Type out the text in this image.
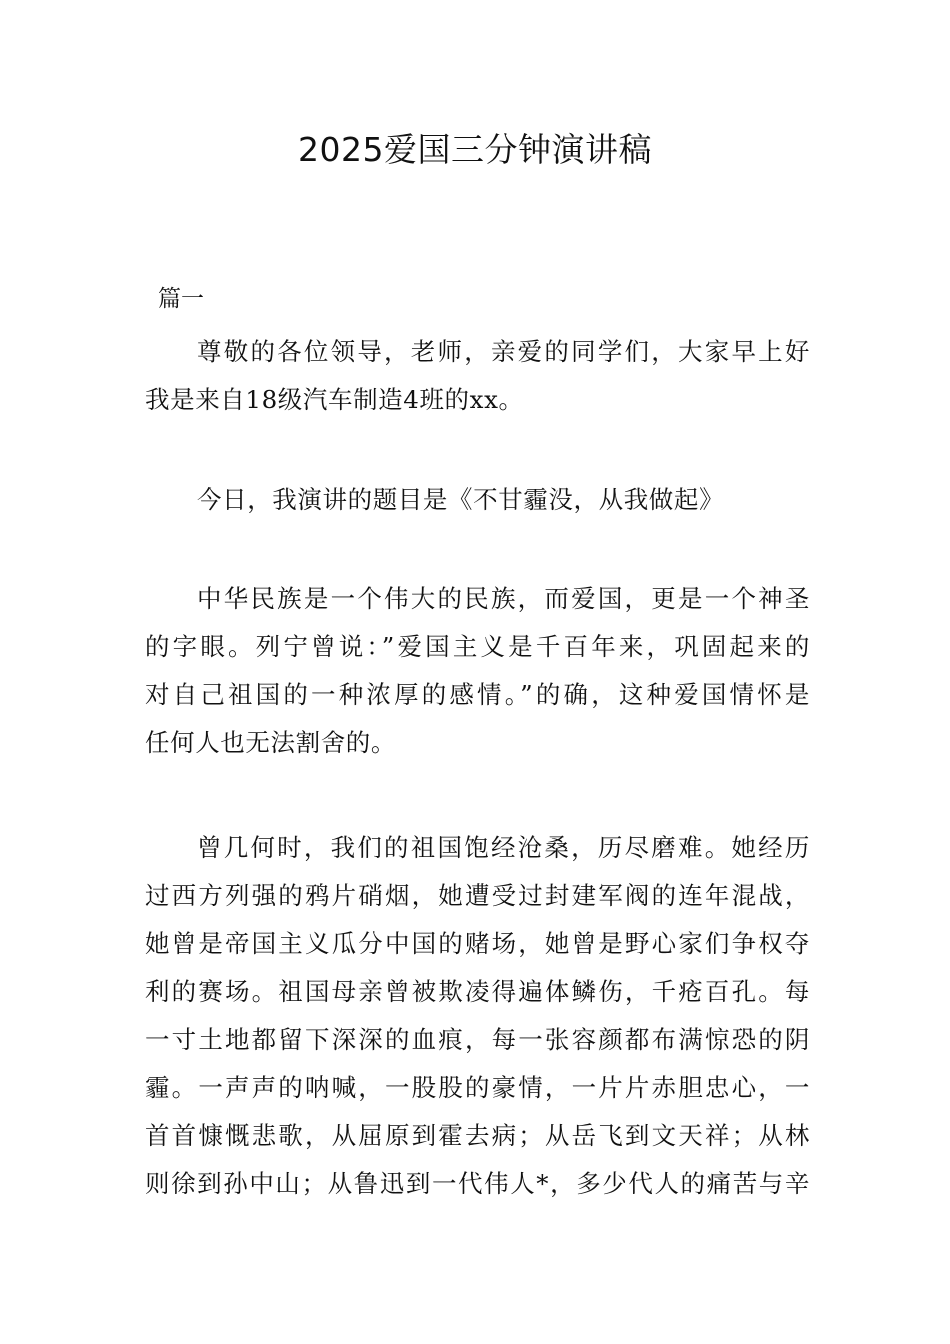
2025爱国三分钟演讲稿
篇一
尊敬的各位领导，老师，亲爱的同学们，大家早上好
我是来自18级汽车制造4班的xx。
今日，我演讲的题目是《不甘霾没，从我做起》
中华民族是一个伟大的民族，而爱国，更是一个神圣
的字眼。列宁曾说：”爱国主义是千百年来，巩固起来的
对自己祖国的一种浓厚的感情。”的确，这种爱国情怀是
任何人也无法割舍的。
曾几何时，我们的祖国饱经沧桑，历尽磨难。她经历
过西方列强的鸦片硝烟，她遭受过封建军阀的连年混战，
她曾是帝国主义瓜分中国的赌场，她曾是野心家们争权夺
利的赛场。祖国母亲曾被欺凌得遍体鳞伤，千疮百孔。每
一寸土地都留下深深的血痕，每一张容颜都布满惊恐的阴
霾。一声声的呐喊，一股股的豪情，一片片赤胆忠心，一
首首慷慨悲歌，从屈原到霍去病；从岳飞到文天祥；从林
则徐到孙中山；从鲁迅到一代伟人*，多少代人的痛苦与辛
